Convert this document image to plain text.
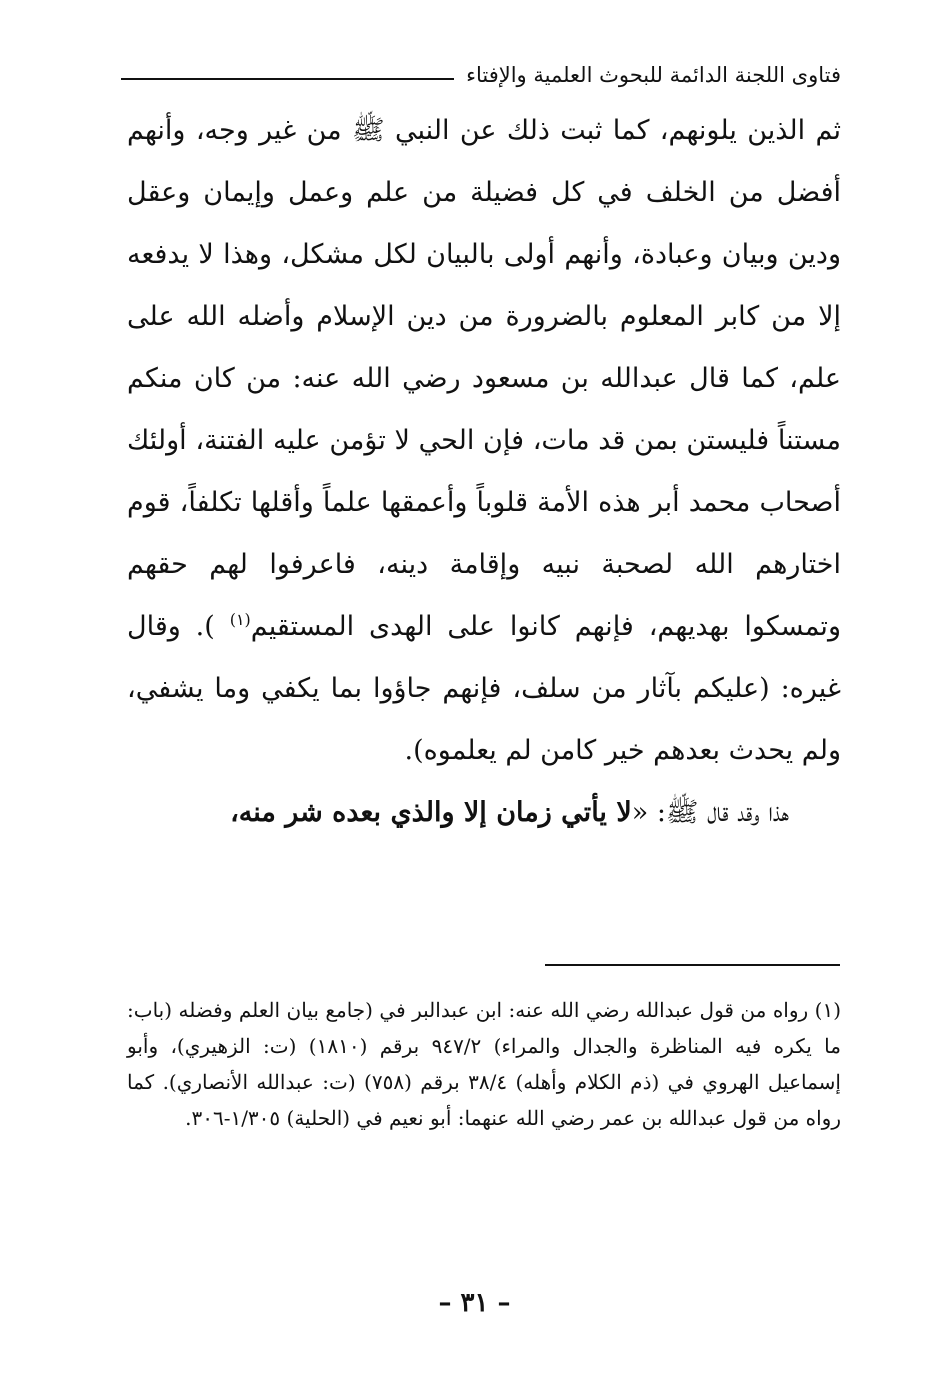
فتاوى اللجنة الدائمة للبحوث العلمية والإفتاء

ثم الذين يلونهم، كما ثبت ذلك عن النبي ﷺ من غير وجه، وأنهم أفضل من الخلف في كل فضيلة من علم وعمل وإيمان وعقل ودين وبيان وعبادة، وأنهم أولى بالبيان لكل مشكل، وهذا لا يدفعه إلا من كابر المعلوم بالضرورة من دين الإسلام وأضله الله على علم، كما قال عبدالله بن مسعود رضي الله عنه: من كان منكم مستناً فليستن بمن قد مات، فإن الحي لا تؤمن عليه الفتنة، أولئك أصحاب محمد أبر هذه الأمة قلوباً وأعمقها علماً وأقلها تكلفاً، قوم اختارهم الله لصحبة نبيه وإقامة دينه، فاعرفوا لهم حقهم وتمسكوا بهديهم، فإنهم كانوا على الهدى المستقيم$^{(١)}$ ). وقال غيره: (عليكم بآثار من سلف، فإنهم جاؤوا بما يكفي وما يشفي، ولم يحدث بعدهم خير كامن لم يعلموه).

هذا وقد قال ﷺ: «لا يأتي زمان إلا والذي بعده شر منه،

(١) رواه من قول عبدالله رضي الله عنه: ابن عبدالبر في (جامع بيان العلم وفضله (باب: ما يكره فيه المناظرة والجدال والمراء) ٩٤٧/٢ برقم (١٨١٠) (ت: الزهيري)، وأبو إسماعيل الهروي في (ذم الكلام وأهله) ٣٨/٤ برقم (٧٥٨) (ت: عبدالله الأنصاري). كما رواه من قول عبدالله بن عمر رضي الله عنهما: أبو نعيم في (الحلية) ١/٣٠٥-٣٠٦.

– ٣١ –
